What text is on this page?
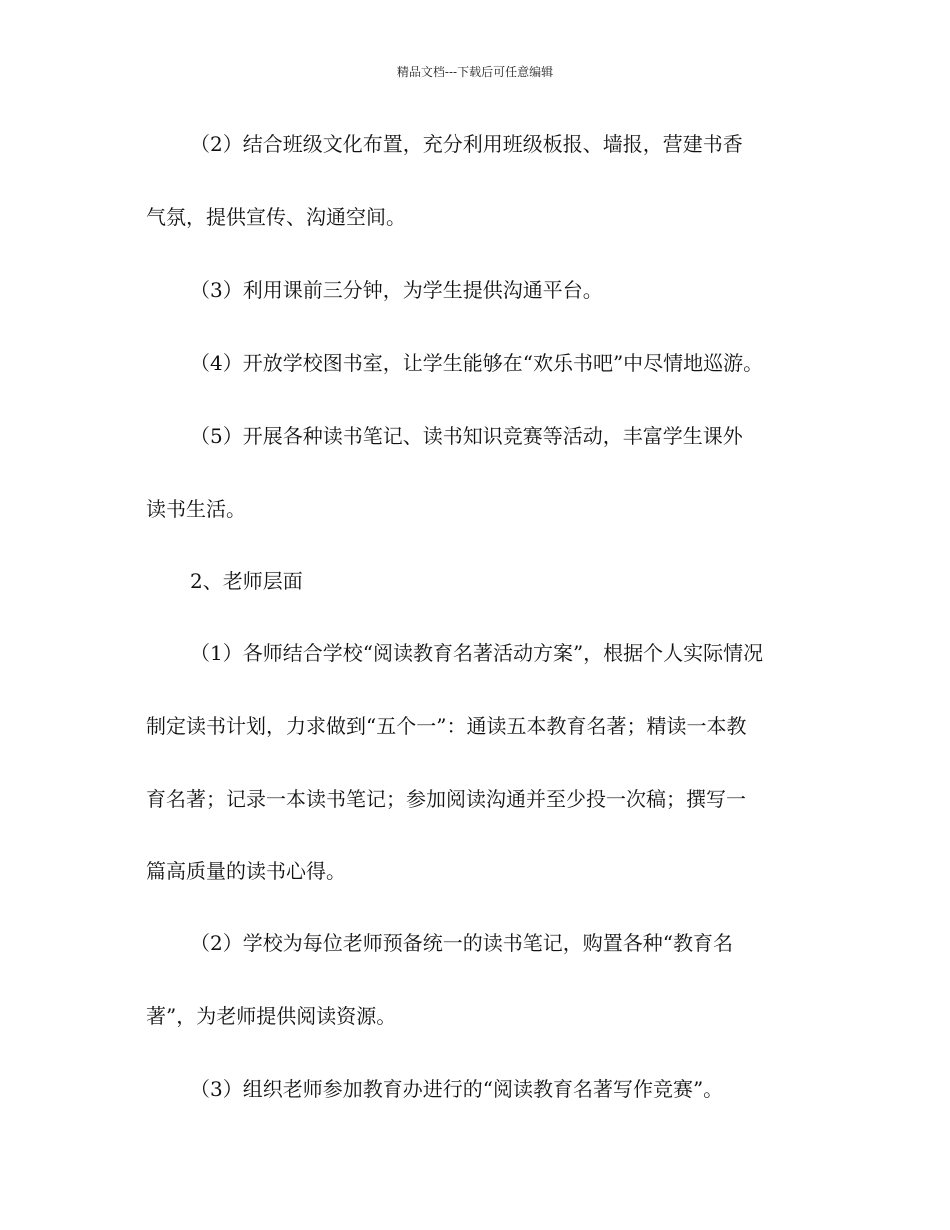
精品文档---下载后可任意编辑
（2）结合班级文化布置，充分利用班级板报、墙报，营建书香
气氛，提供宣传、沟通空间。
（3）利用课前三分钟，为学生提供沟通平台。
（4）开放学校图书室，让学生能够在“欢乐书吧”中尽情地巡游。
（5）开展各种读书笔记、读书知识竞赛等活动，丰富学生课外
读书生活。
2、老师层面
（1）各师结合学校“阅读教育名著活动方案”，根据个人实际情况
制定读书计划，力求做到“五个一”：通读五本教育名著；精读一本教
育名著；记录一本读书笔记；参加阅读沟通并至少投一次稿；撰写一
篇高质量的读书心得。
（2）学校为每位老师预备统一的读书笔记，购置各种“教育名
著”，为老师提供阅读资源。
（3）组织老师参加教育办进行的“阅读教育名著写作竞赛”。
